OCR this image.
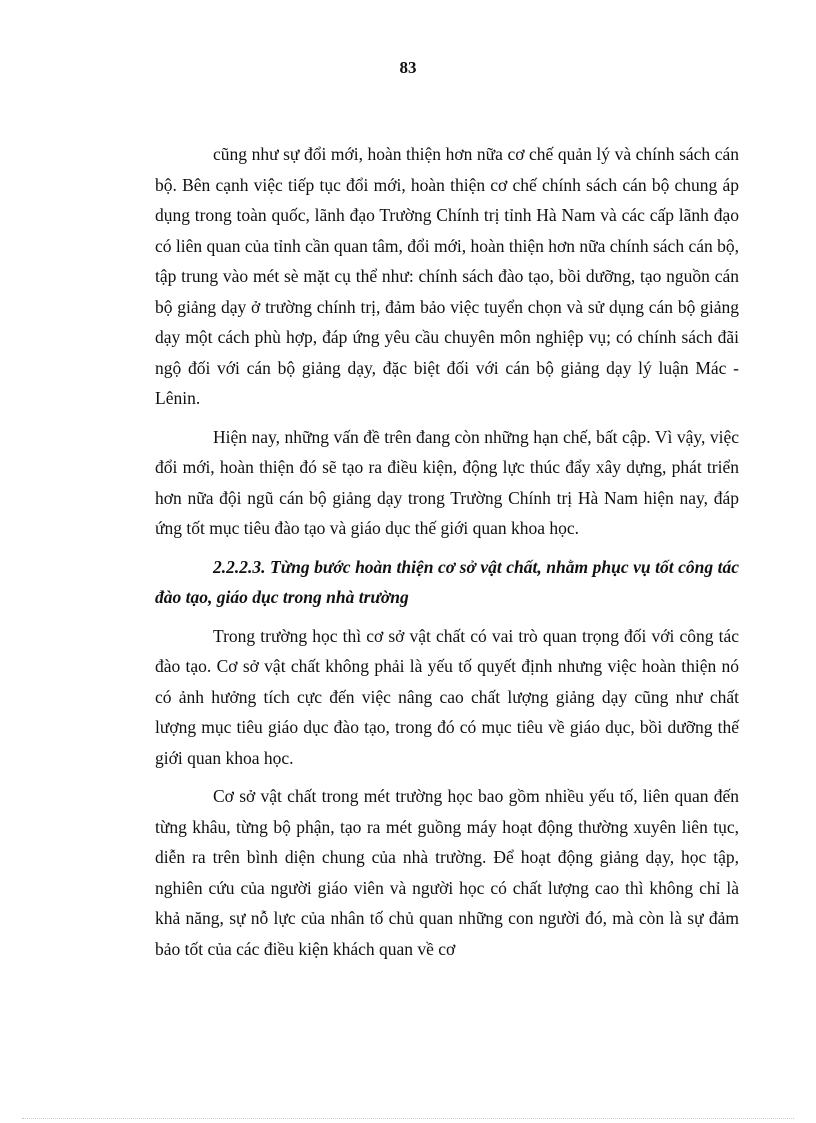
83

cũng như sự đổi mới, hoàn thiện hơn nữa cơ chế quản lý và chính sách cán bộ. Bên cạnh việc tiếp tục đổi mới, hoàn thiện cơ chế chính sách cán bộ chung áp dụng trong toàn quốc, lãnh đạo Trường Chính trị tỉnh Hà Nam và các cấp lãnh đạo có liên quan của tỉnh cần quan tâm, đổi mới, hoàn thiện hơn nữa chính sách cán bộ, tập trung vào mét sè mặt cụ thể như: chính sách đào tạo, bồi dưỡng, tạo nguồn cán bộ giảng dạy ở trường chính trị, đảm bảo việc tuyển chọn và sử dụng cán bộ giảng dạy một cách phù hợp, đáp ứng yêu cầu chuyên môn nghiệp vụ; có chính sách đãi ngộ đối với cán bộ giảng dạy, đặc biệt đối với cán bộ giảng dạy lý luận Mác - Lênin.

Hiện nay, những vấn đề trên đang còn những hạn chế, bất cập. Vì vậy, việc đổi mới, hoàn thiện đó sẽ tạo ra điều kiện, động lực thúc đẩy xây dựng, phát triển hơn nữa đội ngũ cán bộ giảng dạy trong Trường Chính trị Hà Nam hiện nay, đáp ứng tốt mục tiêu đào tạo và giáo dục thế giới quan khoa học.

2.2.2.3. Từng bước hoàn thiện cơ sở vật chất, nhằm phục vụ tốt công tác đào tạo, giáo dục trong nhà trường

Trong trường học thì cơ sở vật chất có vai trò quan trọng đối với công tác đào tạo. Cơ sở vật chất không phải là yếu tố quyết định nhưng việc hoàn thiện nó có ảnh hưởng tích cực đến việc nâng cao chất lượng giảng dạy cũng như chất lượng mục tiêu giáo dục đào tạo, trong đó có mục tiêu về giáo dục, bồi dưỡng thế giới quan khoa học.

Cơ sở vật chất trong mét trường học bao gồm nhiều yếu tố, liên quan đến từng khâu, từng bộ phận, tạo ra mét guồng máy hoạt động thường xuyên liên tục, diễn ra trên bình diện chung của nhà trường. Để hoạt động giảng dạy, học tập, nghiên cứu của người giáo viên và người học có chất lượng cao thì không chỉ là khả năng, sự nỗ lực của nhân tố chủ quan những con người đó, mà còn là sự đảm bảo tốt của các điều kiện khách quan về cơ
